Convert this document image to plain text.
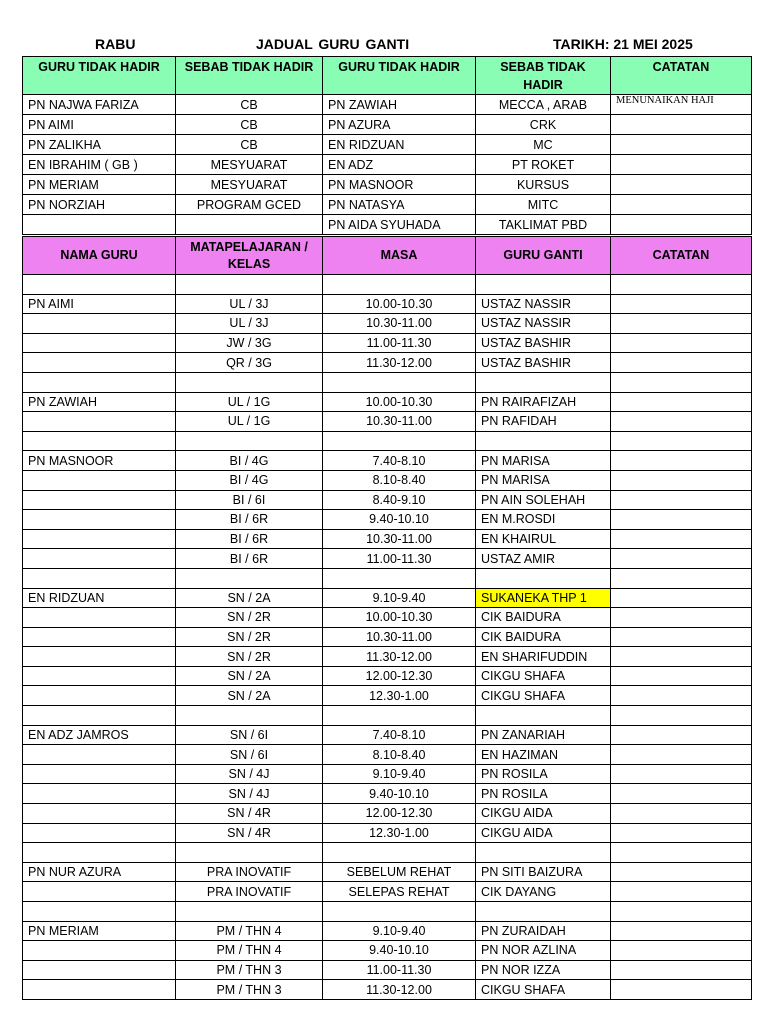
RABU	JADUAL GURU GANTI	TARIKH: 21 MEI 2025
GURU TIDAK HADIR	SEBAB TIDAK HADIR	GURU TIDAK HADIR	SEBAB TIDAK HADIR	CATATAN
PN NAJWA FARIZA	CB	PN ZAWIAH	MECCA , ARAB	MENUNAIKAN HAJI
PN AIMI	CB	PN AZURA	CRK	
PN ZALIKHA	CB	EN RIDZUAN	MC	
EN IBRAHIM ( GB )	MESYUARAT	EN ADZ	PT ROKET	
PN MERIAM	MESYUARAT	PN MASNOOR	KURSUS	
PN NORZIAH	PROGRAM GCED	PN NATASYA	MITC	
		PN AIDA SYUHADA	TAKLIMAT PBD	
NAMA GURU	MATAPELAJARAN / KELAS	MASA	GURU GANTI	CATATAN

PN AIMI	UL / 3J	10.00-10.30	USTAZ NASSIR	
	UL / 3J	10.30-11.00	USTAZ NASSIR	
	JW / 3G	11.00-11.30	USTAZ BASHIR	
	QR / 3G	11.30-12.00	USTAZ BASHIR	

PN ZAWIAH	UL / 1G	10.00-10.30	PN RAIRAFIZAH	
	UL / 1G	10.30-11.00	PN RAFIDAH	

PN MASNOOR	BI / 4G	7.40-8.10	PN MARISA	
	BI / 4G	8.10-8.40	PN MARISA	
	BI / 6I	8.40-9.10	PN AIN SOLEHAH	
	BI / 6R	9.40-10.10	EN M.ROSDI	
	BI / 6R	10.30-11.00	EN KHAIRUL	
	BI / 6R	11.00-11.30	USTAZ AMIR	

EN RIDZUAN	SN / 2A	9.10-9.40	SUKANEKA THP 1	
	SN / 2R	10.00-10.30	CIK BAIDURA	
	SN / 2R	10.30-11.00	CIK BAIDURA	
	SN / 2R	11.30-12.00	EN SHARIFUDDIN	
	SN / 2A	12.00-12.30	CIKGU SHAFA	
	SN / 2A	12.30-1.00	CIKGU SHAFA	

EN ADZ JAMROS	SN / 6I	7.40-8.10	PN ZANARIAH	
	SN / 6I	8.10-8.40	EN HAZIMAN	
	SN / 4J	9.10-9.40	PN ROSILA	
	SN / 4J	9.40-10.10	PN ROSILA	
	SN / 4R	12.00-12.30	CIKGU AIDA	
	SN / 4R	12.30-1.00	CIKGU AIDA	

PN NUR AZURA	PRA INOVATIF	SEBELUM REHAT	PN SITI BAIZURA	
	PRA INOVATIF	SELEPAS REHAT	CIK DAYANG	

PN MERIAM	PM / THN 4	9.10-9.40	PN ZURAIDAH	
	PM / THN 4	9.40-10.10	PN NOR AZLINA	
	PM / THN 3	11.00-11.30	PN NOR IZZA	
	PM / THN 3	11.30-12.00	CIKGU SHAFA	
